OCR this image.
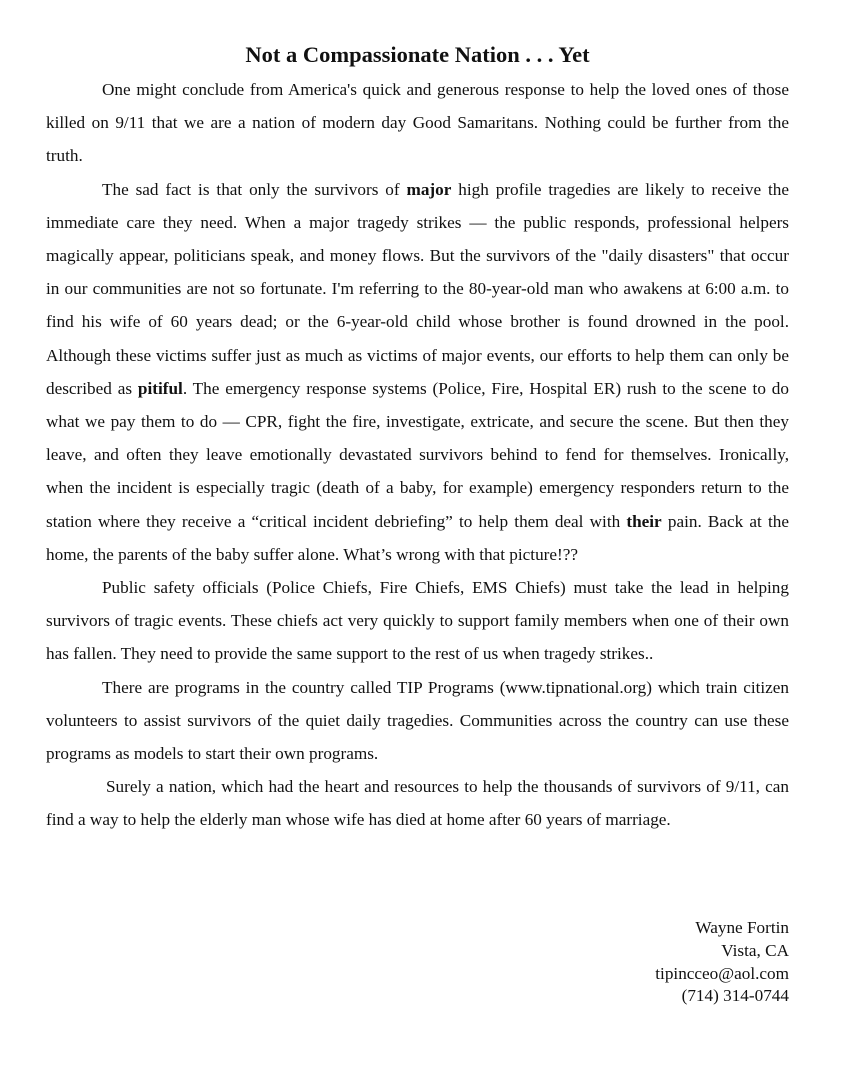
Not a Compassionate Nation . . . Yet

One might conclude from America's quick and generous response to help the loved ones of those killed on 9/11 that we are a nation of modern day Good Samaritans. Nothing could be further from the truth.

The sad fact is that only the survivors of major high profile tragedies are likely to receive the immediate care they need. When a major tragedy strikes — the public responds, professional helpers magically appear, politicians speak, and money flows. But the survivors of the "daily disasters" that occur in our communities are not so fortunate. I'm referring to the 80-year-old man who awakens at 6:00 a.m. to find his wife of 60 years dead; or the 6-year-old child whose brother is found drowned in the pool. Although these victims suffer just as much as victims of major events, our efforts to help them can only be described as pitiful. The emergency response systems (Police, Fire, Hospital ER) rush to the scene to do what we pay them to do — CPR, fight the fire, investigate, extricate, and secure the scene. But then they leave, and often they leave emotionally devastated survivors behind to fend for themselves. Ironically, when the incident is especially tragic (death of a baby, for example) emergency responders return to the station where they receive a “critical incident debriefing” to help them deal with their pain. Back at the home, the parents of the baby suffer alone. What’s wrong with that picture!??

Public safety officials (Police Chiefs, Fire Chiefs, EMS Chiefs) must take the lead in helping survivors of tragic events. These chiefs act very quickly to support family members when one of their own has fallen. They need to provide the same support to the rest of us when tragedy strikes..

There are programs in the country called TIP Programs (www.tipnational.org) which train citizen volunteers to assist survivors of the quiet daily tragedies. Communities across the country can use these programs as models to start their own programs.

Surely a nation, which had the heart and resources to help the thousands of survivors of 9/11, can find a way to help the elderly man whose wife has died at home after 60 years of marriage.

Wayne Fortin
Vista, CA
tipincceo@aol.com
(714) 314-0744
